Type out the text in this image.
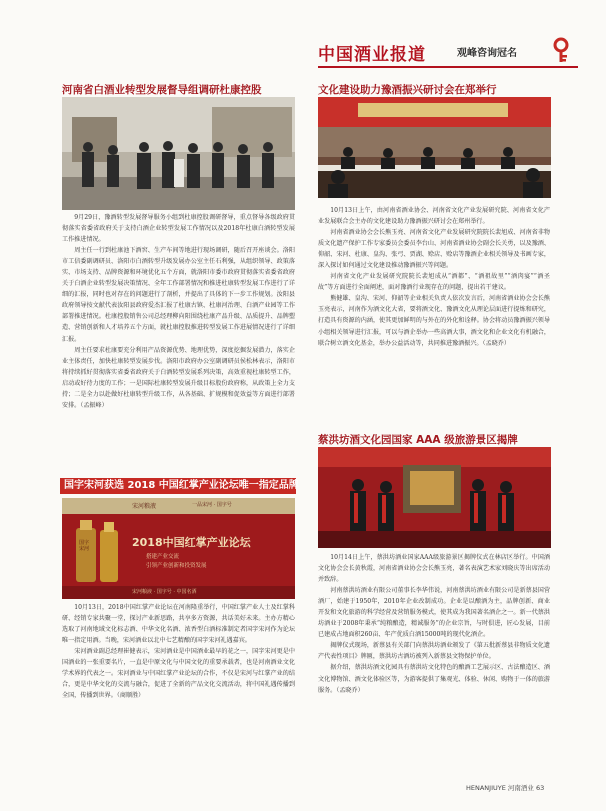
中国酒业报道	观峰咨询冠名
河南省白酒业转型发展督导组调研杜康控股

9月29日，豫酒转型发展督导服务小组到杜康控股调研督导，重点督导各级政府贯彻落实省委省政府关于支持白酒企业转型发展工作情况以及2018年杜康白酒转型发展工作推进情况。

周主任一行到杜康池下酒窖、生产车间等地进行现场调研，随后召开座谈会。洛阳市工信委副调研员、洛阳市白酒转型升级发展办公室主任石利强，从组织领导、政策落实、市场支持、品牌资源和环境优化五个方面，就洛阳市委市政府贯彻落实省委省政府关于白酒企业转型发展决策情况、全年工作部署情况和推进杜康转型发展工作进行了详细的汇报，同时也对存在的问题进行了剖析，并提出了具体的下一步工作规划。汝阳县政府领导按文献代表汝阳县政府爱杰汇报了杜康古镇、杜康河治理、白酒产业园等工作部署推进情况。杜康控股销售公司总经理柳向阳围绕杜康产品升级、品质提升、品牌塑造、营销创新和人才培养五个方面，就杜康控股推进转型发展工作进展情况进行了详细汇报。

周主任要求杜康要充分利用产品资源优势、地理优势，深度挖掘发展潜力，落实企业主体责任，加快杜康转型发展步伐。洛阳市政府办公室副调研员侯松林表示，洛阳市将持续抓好贯彻落实省委省政府关于白酒转型发展系列决策，高效重视杜康转型工作，启动或好待力度的工作；一是国际杜康转型发展升级目标股份政府称，从政策上全力支持；二是全力以赴做好杜康转型升级工作，从各基础、扩规模和促效益等方面进行部署安排。（孟振峰）

国字宋河获选 2018 中国红掌产业论坛唯一指定品牌
宋河粮液	一品宋河 · 国字号
国字宋河	2018中国红掌产业论坛
搭建产业交流
引领产业创新和投资发展
宋河粮液 · 国字号 · 中国名酒

10月13日，2018中国红掌产业论坛在河南隆重举行，中国红掌产业人士及红掌科研、经销专家共聚一堂，探讨产业新思路，共享多方资源，共话美好未来。主办方精心选取了河南地域文化标志酒、中华文化名酒、浓香型白酒标准制定者国字宋河作为论坛唯一指定用酒。当晚，宋河酒业以北中七艺精酿的国字宋河礼遇嘉宾。

宋河酒业副总经理崔健表示，宋河酒业是中国酒业最早的花之一，国字宋河更是中国酒业的一张重要名片，一直是中原文化与中国文化的重要承载者，也是河南酒业文化学术界的代表之一。宋河酒业与中国红掌产业论坛的合作，不仅是宋河与红掌产业的结合，更是中华文化的交流与融合，促进了全新的产品文化交流活动，将中国礼遇传播到全国，传播到世界。（商顺胜）

文化建设助力豫酒振兴研讨会在郑举行

10月13日上午，由河南省酒业协会、河南省文化产业发展研究院、河南省文化产业发展联合会主办的文化建设助力豫酒振兴研讨会在郑州举行。

河南省酒业协会会长熊玉亮、河南省文化产业发展研究院院长裴旭成、河南省非物质文化遗产保护工作专家委员会委员李台山、河南省酒业协会副会长关勇，以及豫酒、仰韶、宋河、杜康、皇沟、张弓、贾湖、赊店、赊店等豫酒企业相关领导及书画专家，深入探讨如何通过文化建设推动豫酒振兴等问题。

河南省文化产业发展研究院院长裴旭成从“酒都”、“酒祖故里”“酒肉宴”“酒圣故”等方面进行全面阐述，面对豫酒行业现存在的问题，提出若干建议。

熊健雄、皇沟、宋河、仰韶等企业相关负责人依次发言后，河南省酒业协会会长熊玉亮表示，河南作为酒文化大省，要将酒文化、豫酒文化从理论层面进行提炼和研究，打造具有资源的内涵，使其更加鲜明的与外在的外化和诠释。协会将动员豫酒振兴领导小组相关领导进行汇报，可以与酒企举办一些高酒大事，酒文化和企业文化有机融合，联合树立酒文化基金，举办公益活动等，共同推进豫酒振兴。（孟晓乔）

蔡洪坊酒文化园国家 AAA 级旅游景区揭牌

10月14日上午，蔡洪坊酒业国家AAA级旅游景区揭牌仪式在林店区举行。中国酒文化协会会长黄秋霞，河南省酒业协会会长熊玉亮，著名表演艺术家刘晓庆等出席活动并致辞。

河南蔡洪坊酒业有限公司董事长李华伟说，河南蔡洪坊酒业有限公司是新蔡县国营酒厂，始建于1950年，2010年企业改制成功。企业是以酿酒为主，品牌创新、商业开发和文化旅游的科学经营及营销服务模式，使其成为我国著名酒企之一。新一代蔡洪坊酒业于2008年秉承“纯粮酿造，精诚服务”的企业宗旨，与时俱进，匠心发展，目前已建成占地面积260亩、年产优质白酒15000吨的现代化酒企。

揭牌仪式现场，新蔡县有关部门向蔡洪坊酒业颁发了《第五批新蔡县非物质文化遗产代表性项目》牌匾，蔡洪坊古酒坊被列入新蔡县文物保护单位。

据介绍，蔡洪坊酒文化园具有蔡洪坊文化特色的酿酒工艺展示区、古法酿造区、酒文化博物馆、酒文化体验区等，为游客提供了集观光、体验、休闲、购物于一体的旅游服务。（孟晓乔）

HENANJIUYE 河南酒业 63
